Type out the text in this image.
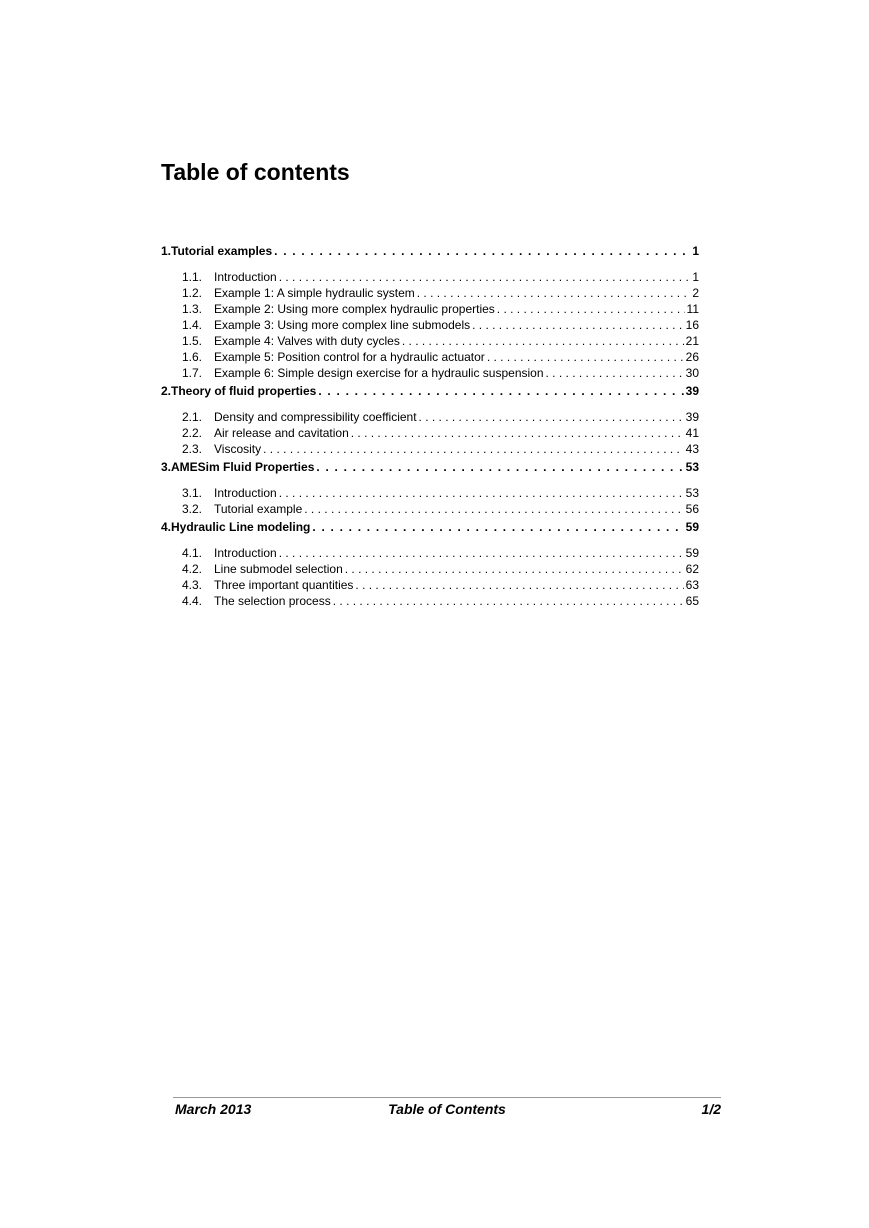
Table of contents
1.Tutorial examples . . .	1
1.1. Introduction . . .	1
1.2. Example 1: A simple hydraulic system . . .	2
1.3. Example 2: Using more complex hydraulic properties . . .	11
1.4. Example 3: Using more complex line submodels . . .	16
1.5. Example 4: Valves with duty cycles . . .	21
1.6. Example 5: Position control for a hydraulic actuator . . .	26
1.7. Example 6: Simple design exercise for a hydraulic suspension . . .	30
2.Theory of fluid properties . . .	39
2.1. Density and compressibility coefficient . . .	39
2.2. Air release and cavitation . . .	41
2.3. Viscosity . . .	43
3.AMESim Fluid Properties . . .	53
3.1. Introduction . . .	53
3.2. Tutorial example . . .	56
4.Hydraulic Line modeling . . .	59
4.1. Introduction . . .	59
4.2. Line submodel selection . . .	62
4.3. Three important quantities . . .	63
4.4. The selection process . . .	65
March 2013	Table of Contents	1/2
